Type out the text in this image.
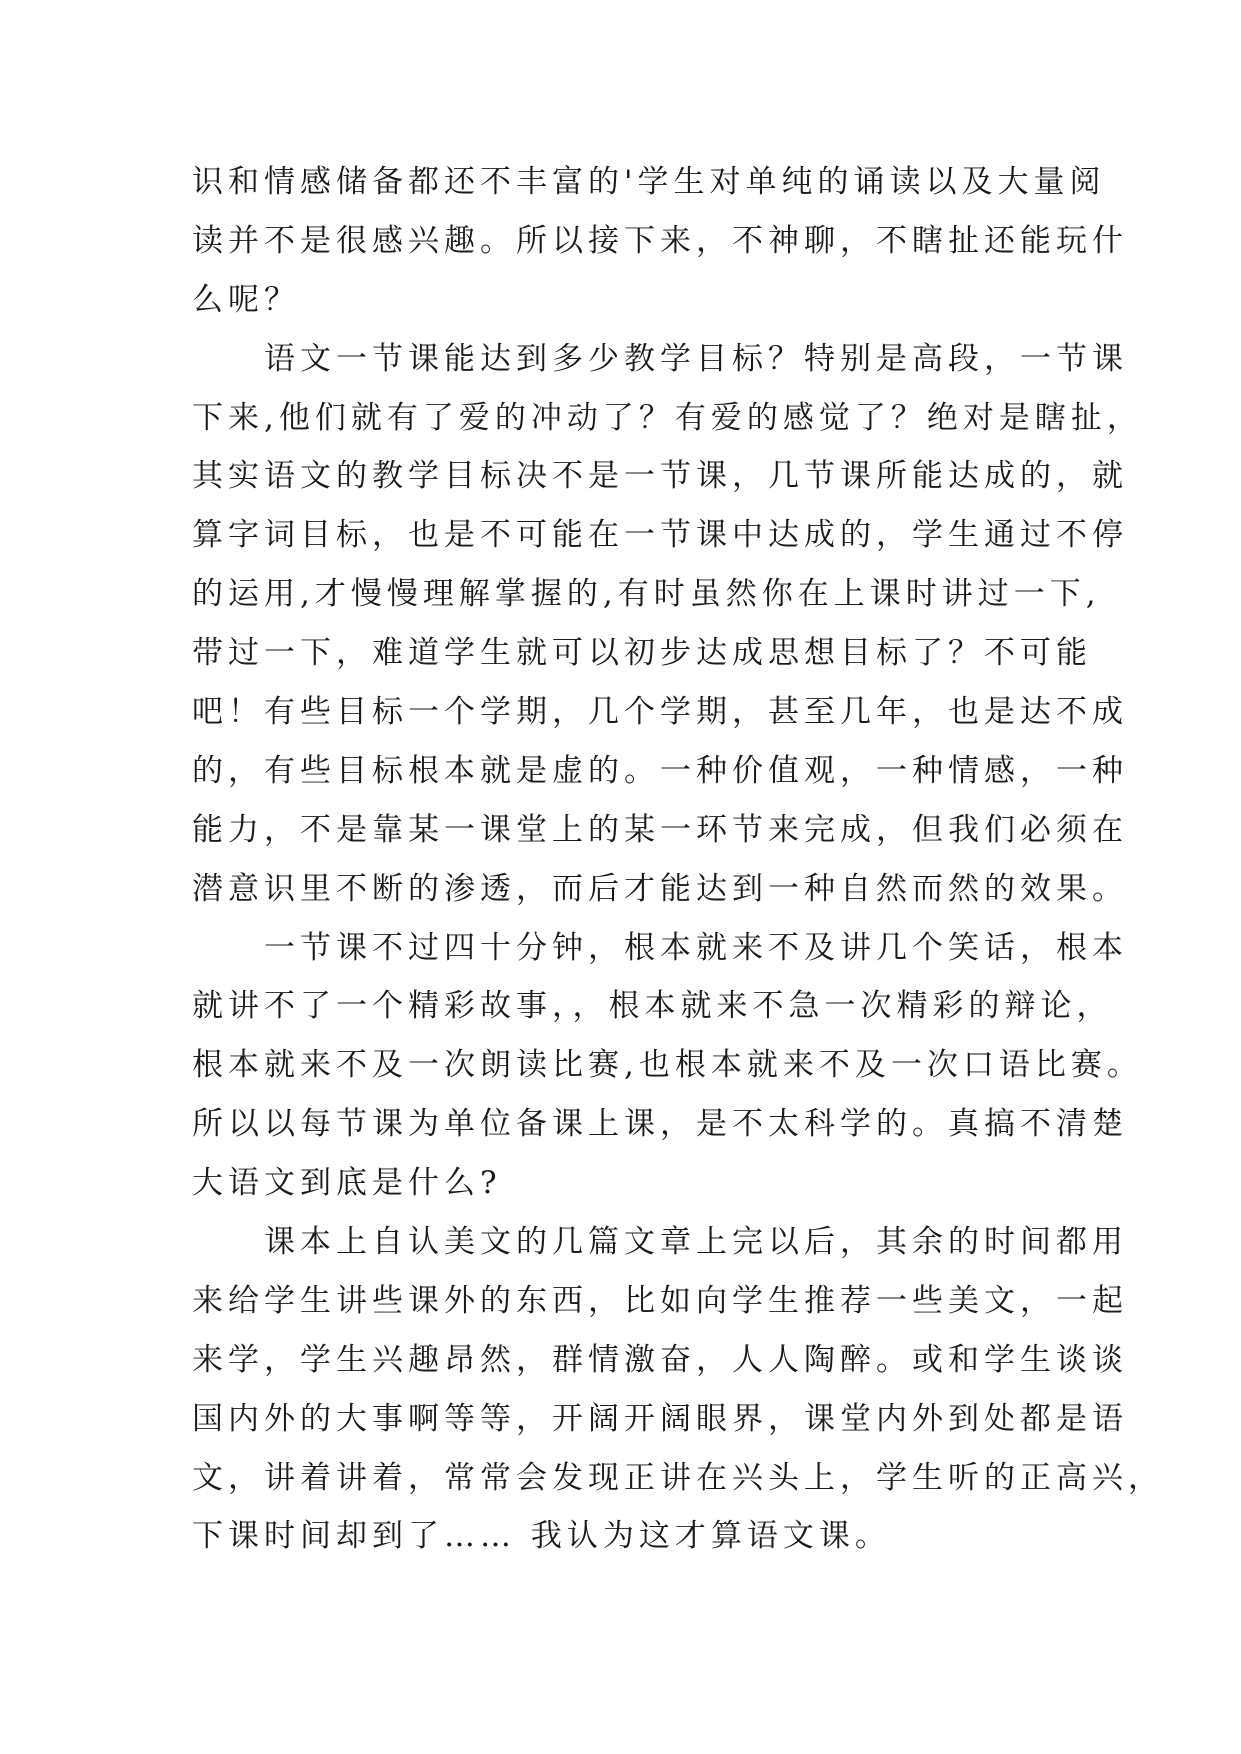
识和情感储备都还不丰富的'学生对单纯的诵读以及大量阅
读并不是很感兴趣。所以接下来，不神聊，不瞎扯还能玩什
么呢？
语文一节课能达到多少教学目标？特别是高段，一节课
下来,他们就有了爱的冲动了？有爱的感觉了？绝对是瞎扯，
其实语文的教学目标决不是一节课，几节课所能达成的，就
算字词目标，也是不可能在一节课中达成的，学生通过不停
的运用,才慢慢理解掌握的,有时虽然你在上课时讲过一下,
带过一下，难道学生就可以初步达成思想目标了？不可能
吧！有些目标一个学期，几个学期，甚至几年，也是达不成
的，有些目标根本就是虚的。一种价值观，一种情感，一种
能力，不是靠某一课堂上的某一环节来完成，但我们必须在
潜意识里不断的渗透，而后才能达到一种自然而然的效果。
一节课不过四十分钟，根本就来不及讲几个笑话，根本
就讲不了一个精彩故事，，根本就来不急一次精彩的辩论，
根本就来不及一次朗读比赛,也根本就来不及一次口语比赛。
所以以每节课为单位备课上课，是不太科学的。真搞不清楚
大语文到底是什么?
课本上自认美文的几篇文章上完以后，其余的时间都用
来给学生讲些课外的东西，比如向学生推荐一些美文，一起
来学，学生兴趣昂然，群情激奋，人人陶醉。或和学生谈谈
国内外的大事啊等等，开阔开阔眼界，课堂内外到处都是语
文，讲着讲着，常常会发现正讲在兴头上，学生听的正高兴，
下课时间却到了…… 我认为这才算语文课。
